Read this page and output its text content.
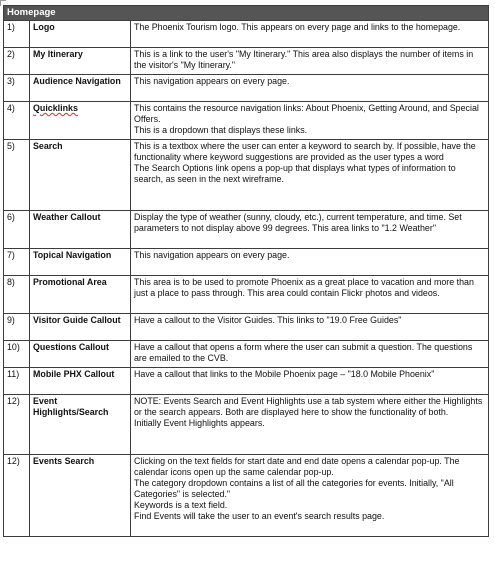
Homepage		
1)	Logo	The Phoenix Tourism logo. This appears on every page and links to the homepage.

2)	My Itinerary	This is a link to the user's "My Itinerary." This area also displays the number of items in the visitor's "My Itinerary."

3)	Audience Navigation	This navigation appears on every page.

4)	Quicklinks	This contains the resource navigation links: About Phoenix, Getting Around, and Special Offers.
This is a dropdown that displays these links.

5)	Search	This is a textbox where the user can enter a keyword to search by. If possible, have the functionality where keyword suggestions are provided as the user types a word
The Search Options link opens a pop-up that displays what types of information to search, as seen in the next wireframe.

6)	Weather Callout	Display the type of weather (sunny, cloudy, etc.), current temperature, and time. Set parameters to not display above 99 degrees. This area links to "1.2 Weather"

7)	Topical Navigation	This navigation appears on every page.

8)	Promotional Area	This area is to be used to promote Phoenix as a great place to vacation and more than just a place to pass through. This area could contain Flickr photos and videos.

9)	Visitor Guide Callout	Have a callout to the Visitor Guides. This links to "19.0 Free Guides"

10)	Questions Callout	Have a callout that opens a form where the user can submit a question. The questions are emailed to the CVB.

11)	Mobile PHX Callout	Have a callout that links to the Mobile Phoenix page – "18.0 Mobile Phoenix"

12)	Event Highlights/Search	NOTE: Events Search and Event Highlights use a tab system where either the Highlights or the search appears. Both are displayed here to show the functionality of both.
Initially Event Highlights appears.

12)	Events Search	Clicking on the text fields for start date and end date opens a calendar pop-up. The calendar icons open up the same calendar pop-up.
The category dropdown contains a list of all the categories for events. Initially, "All Categories" is selected."
Keywords is a text field.
Find Events will take the user to an event's search results page.
